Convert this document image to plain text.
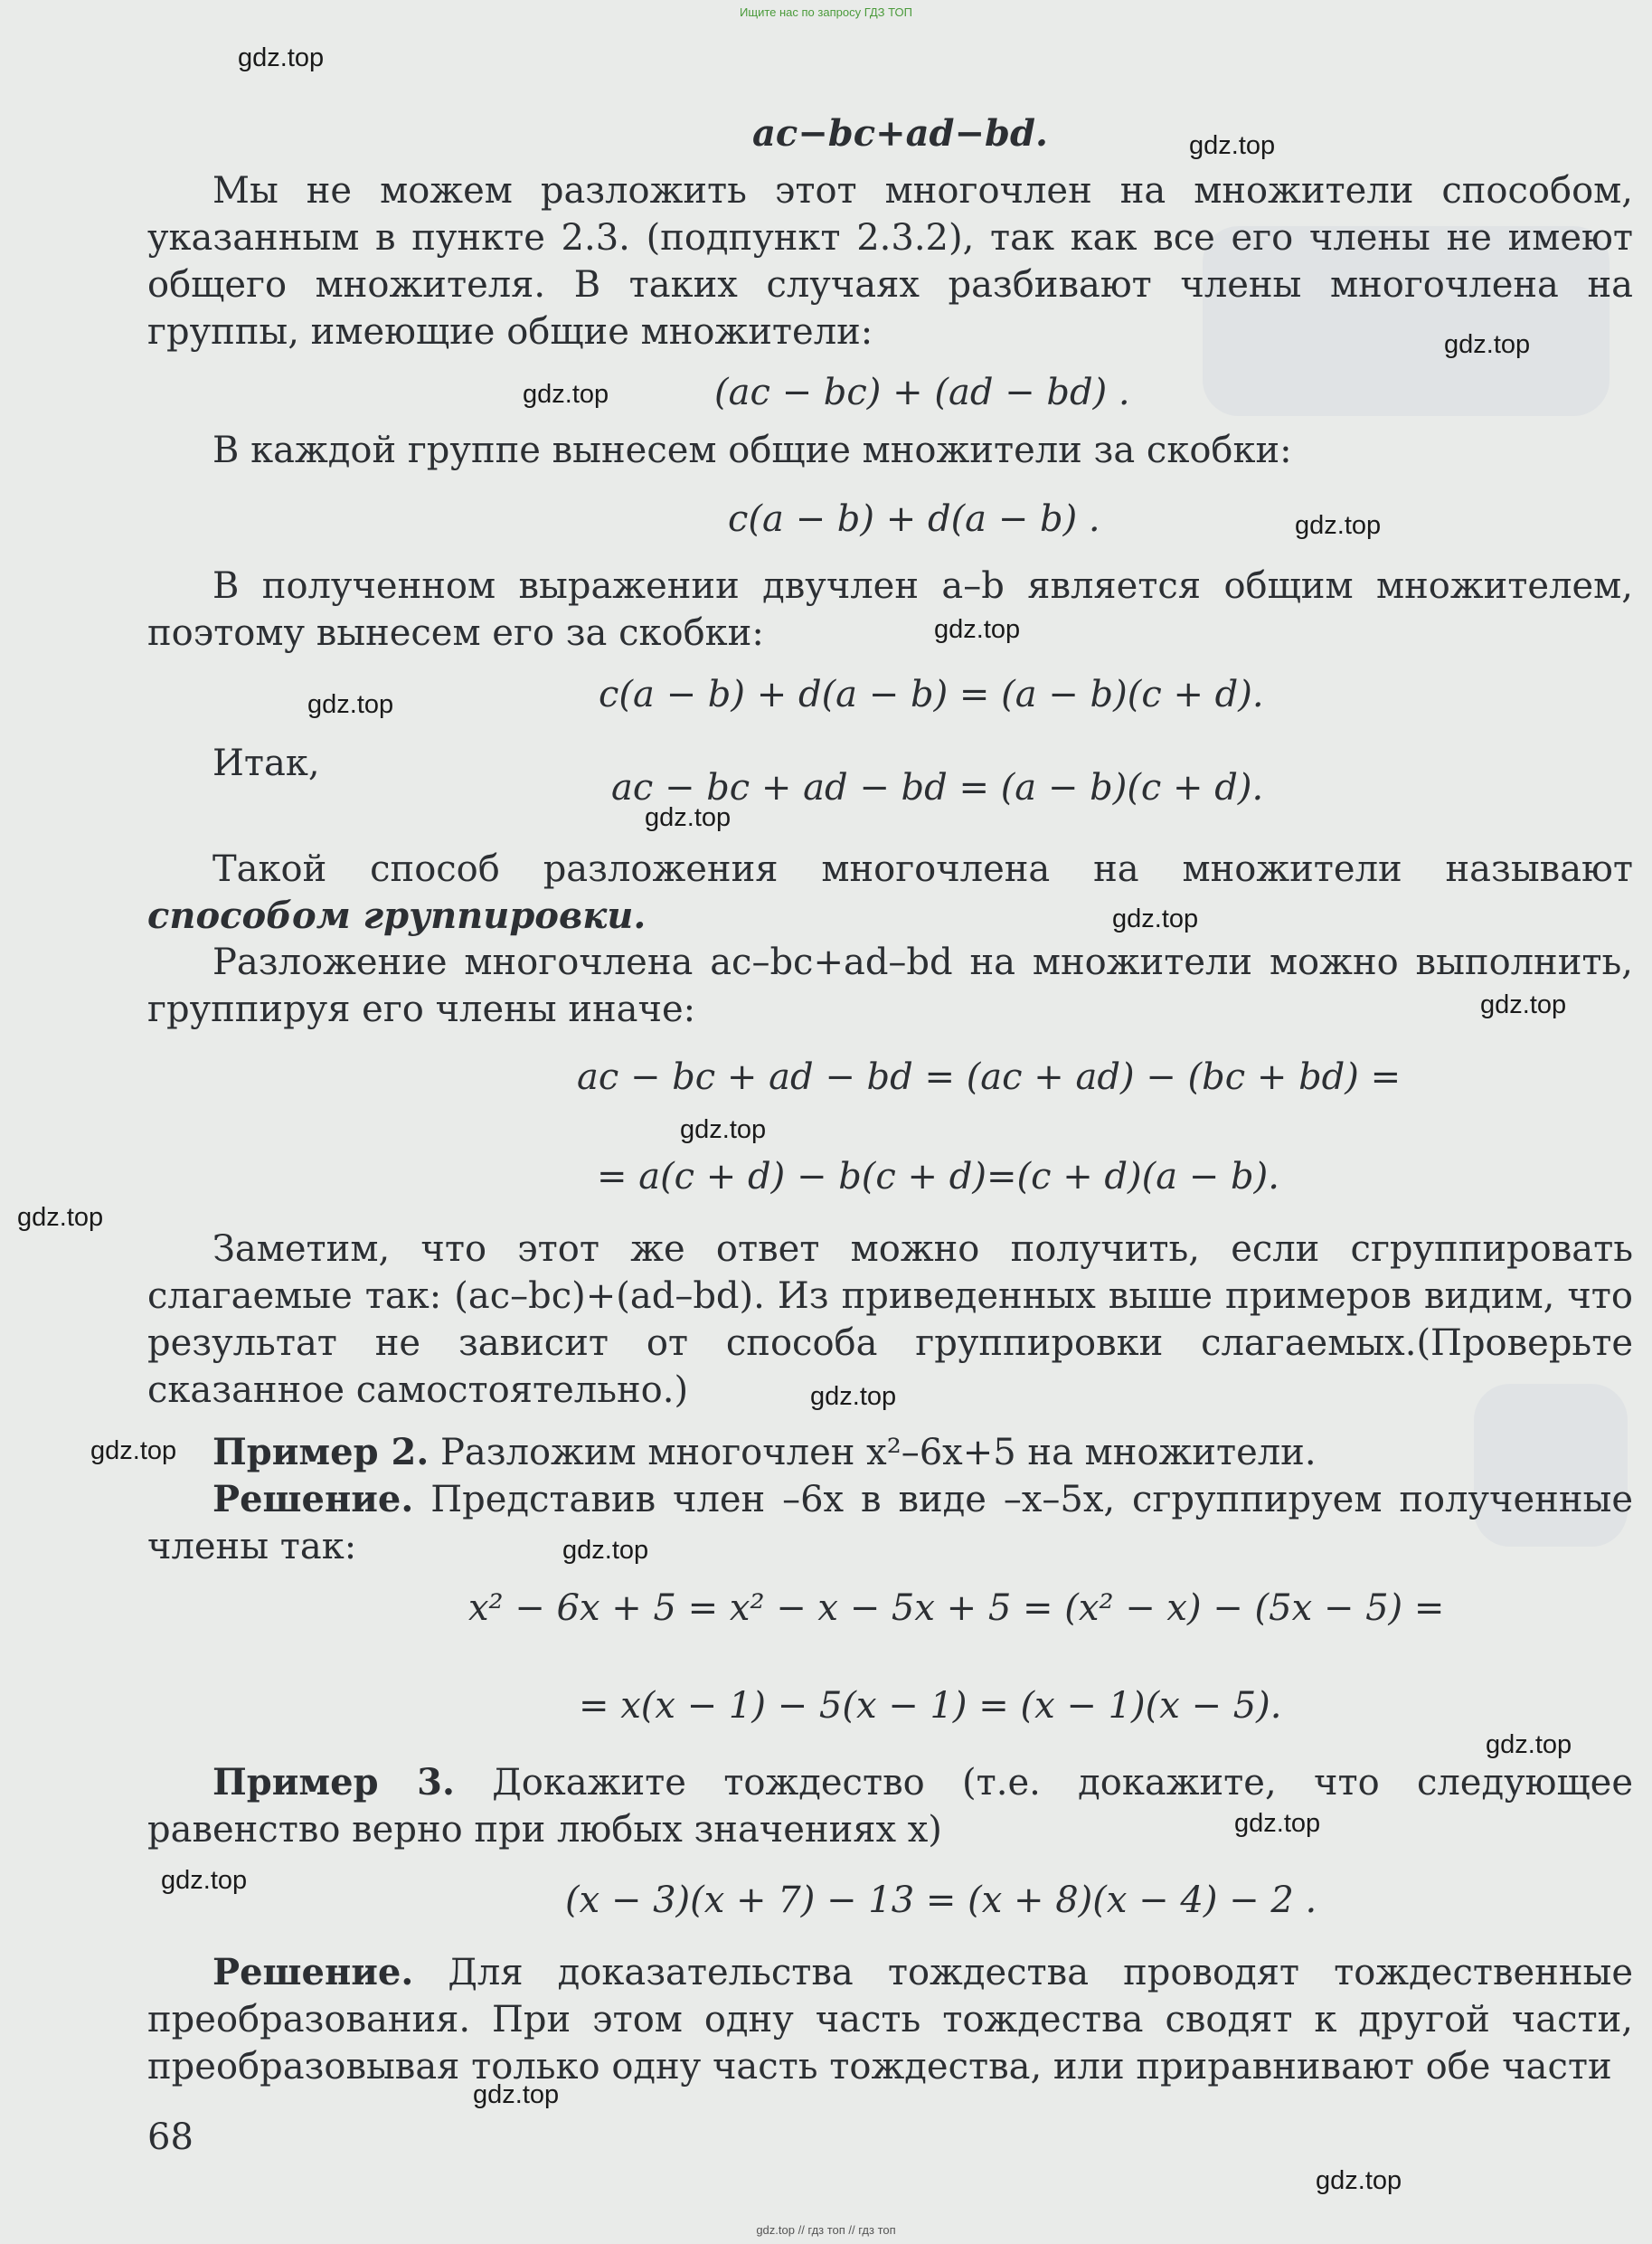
Ищите нас по запросу ГДЗ ТОП
gdz.top
gdz.top
gdz.top
gdz.top
gdz.top
gdz.top
gdz.top
gdz.top
gdz.top
gdz.top
gdz.top
gdz.top
gdz.top
gdz.top
gdz.top
gdz.top
gdz.top
gdz.top
gdz.top
gdz.top
ac−bc+ad−bd.
Мы не можем разложить этот многочлен на множители способом, указанным в пункте 2.3. (подпункт 2.3.2), так как все его члены не имеют общего множителя. В таких случаях разбивают члены многочлена на группы, имеющие общие множители:
(ac − bc) + (ad − bd) .
В каждой группе вынесем общие множители за скобки:
c(a − b) + d(a − b) .
В полученном выражении двучлен a–b является общим множителем, поэтому вынесем его за скобки:
c(a − b) + d(a − b) = (a − b)(c + d).
Итак,
ac − bc + ad − bd = (a − b)(c + d).
Такой способ разложения многочлена на множители называют способом группировки.
Разложение многочлена ac–bc+ad–bd на множители можно выполнить, группируя его члены иначе:
ac − bc + ad − bd = (ac + ad) − (bc + bd) =
= a(c + d) − b(c + d)=(c + d)(a − b).
Заметим, что этот же ответ можно получить, если сгруппировать слагаемые так: (ac–bc)+(ad–bd). Из приведенных выше примеров видим, что результат не зависит от способа группировки слагаемых.(Проверьте сказанное самостоятельно.)
Пример 2. Разложим многочлен x²–6x+5 на множители.
Решение. Представив член –6x в виде –x–5x, сгруппируем полученные члены так:
x² − 6x + 5 = x² − x − 5x + 5 = (x² − x) − (5x − 5) =
= x(x − 1) − 5(x − 1) = (x − 1)(x − 5).
Пример 3. Докажите тождество (т.е. докажите, что следующее равенство верно при любых значениях x)
(x − 3)(x + 7) − 13 = (x + 8)(x − 4) − 2 .
Решение. Для доказательства тождества проводят тождественные преобразования. При этом одну часть тождества сводят к другой части, преобразовывая только одну часть тождества, или приравнивают обе части
68
gdz.top // гдз топ // гдз топ
